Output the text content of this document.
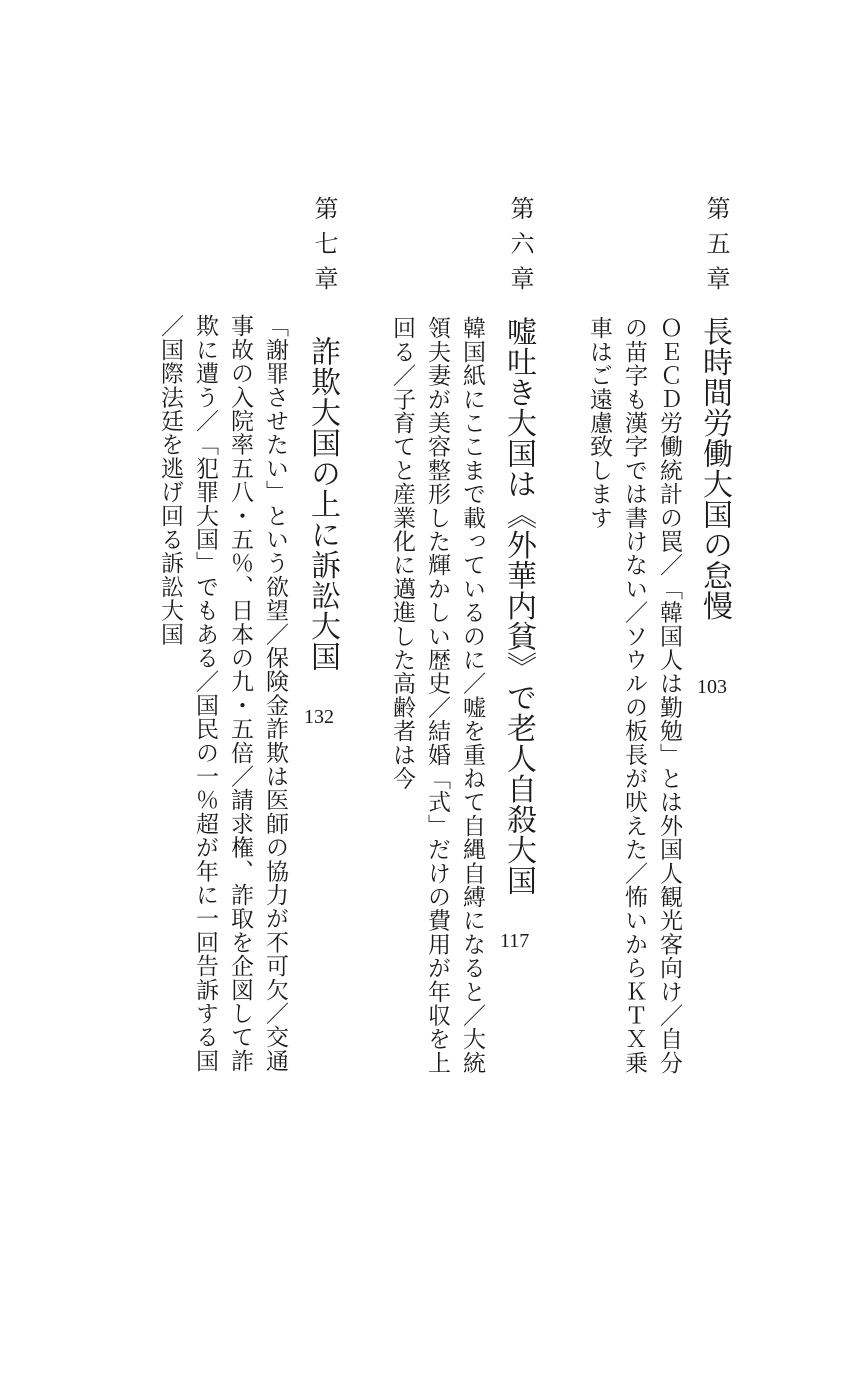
第五章
長時間労働大国の怠慢
103
ＯＥＣＤ労働統計の罠／「韓国人は勤勉」とは外国人観光客向け／自分
の苗字も漢字では書けない／ソウルの板長が吠えた／怖いからＫＴＸ乗
車はご遠慮致します
第六章
嘘吐き大国は《外華内貧》で老人自殺大国
117
韓国紙にここまで載っているのに／嘘を重ねて自縄自縛になると／大統
領夫妻が美容整形した輝かしい歴史／結婚「式」だけの費用が年収を上
回る／子育てと産業化に邁進した高齢者は今
第七章
詐欺大国の上に訴訟大国
132
「謝罪させたい」という欲望／保険金詐欺は医師の協力が不可欠／交通
事故の入院率五八・五％、日本の九・五倍／請求権、詐取を企図して詐
欺に遭う／「犯罪大国」でもある／国民の一％超が年に一回告訴する国
／国際法廷を逃げ回る訴訟大国
